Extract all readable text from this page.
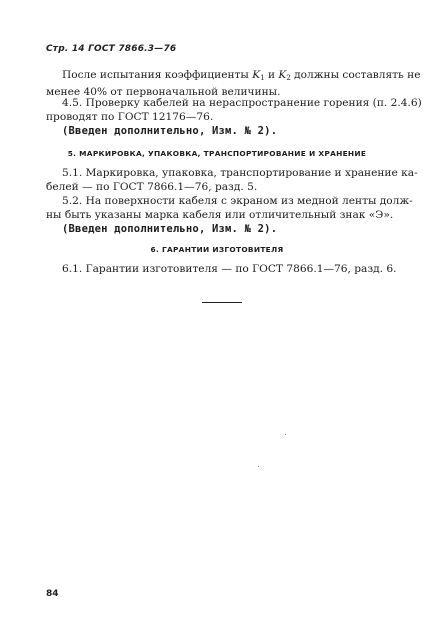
Стр. 14 ГОСТ 7866.3—76
После испытания коэффициенты $K_1$ и $K_2$ должны составлять не
менее 40% от первоначальной величины.
4.5. Проверку кабелей на нераспространение горения (п. 2.4.6)
проводят по ГОСТ 12176—76.
(Введен дополнительно, Изм. № 2).
5. МАРКИРОВКА, УПАКОВКА, ТРАНСПОРТИРОВАНИЕ И ХРАНЕНИЕ
5.1. Маркировка, упаковка, транспортирование и хранение ка-
белей — по ГОСТ 7866.1—76, разд. 5.
5.2. На поверхности кабеля с экраном из медной ленты долж-
ны быть указаны марка кабеля или отличительный знак «Э».
(Введен дополнительно, Изм. № 2).
6. ГАРАНТИИ ИЗГОТОВИТЕЛЯ
6.1. Гарантии изготовителя — по ГОСТ 7866.1—76, разд. 6.
84
